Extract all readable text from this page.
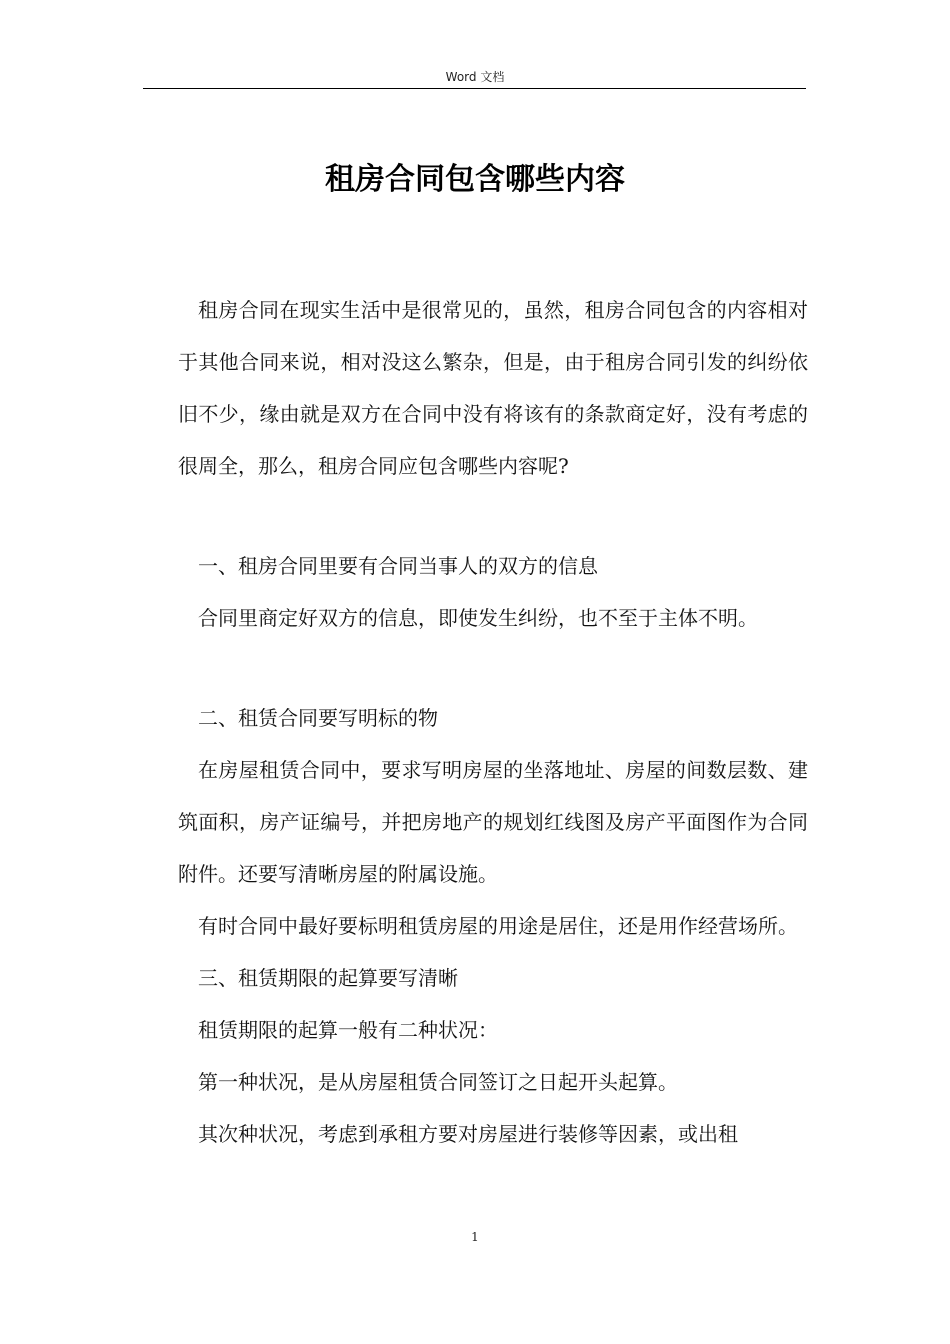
Word 文档
租房合同包含哪些内容

租房合同在现实生活中是很常见的，虽然，租房合同包含的内容相对于其他合同来说，相对没这么繁杂，但是，由于租房合同引发的纠纷依旧不少，缘由就是双方在合同中没有将该有的条款商定好，没有考虑的很周全，那么，租房合同应包含哪些内容呢?

一、租房合同里要有合同当事人的双方的信息

合同里商定好双方的信息，即使发生纠纷，也不至于主体不明。

二、租赁合同要写明标的物

在房屋租赁合同中，要求写明房屋的坐落地址、房屋的间数层数、建筑面积，房产证编号，并把房地产的规划红线图及房产平面图作为合同附件。还要写清晰房屋的附属设施。

有时合同中最好要标明租赁房屋的用途是居住，还是用作经营场所。

三、租赁期限的起算要写清晰

租赁期限的起算一般有二种状况：

第一种状况，是从房屋租赁合同签订之日起开头起算。

其次种状况，考虑到承租方要对房屋进行装修等因素，或出租

1
